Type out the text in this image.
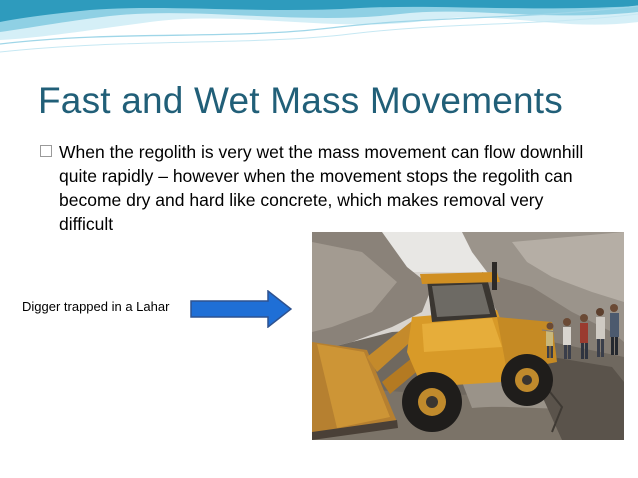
Fast and Wet Mass Movements
When the regolith is very wet the mass movement can flow downhill quite rapidly – however when the movement stops the regolith can become dry and hard like concrete, which makes removal very difficult
Digger trapped in a Lahar
